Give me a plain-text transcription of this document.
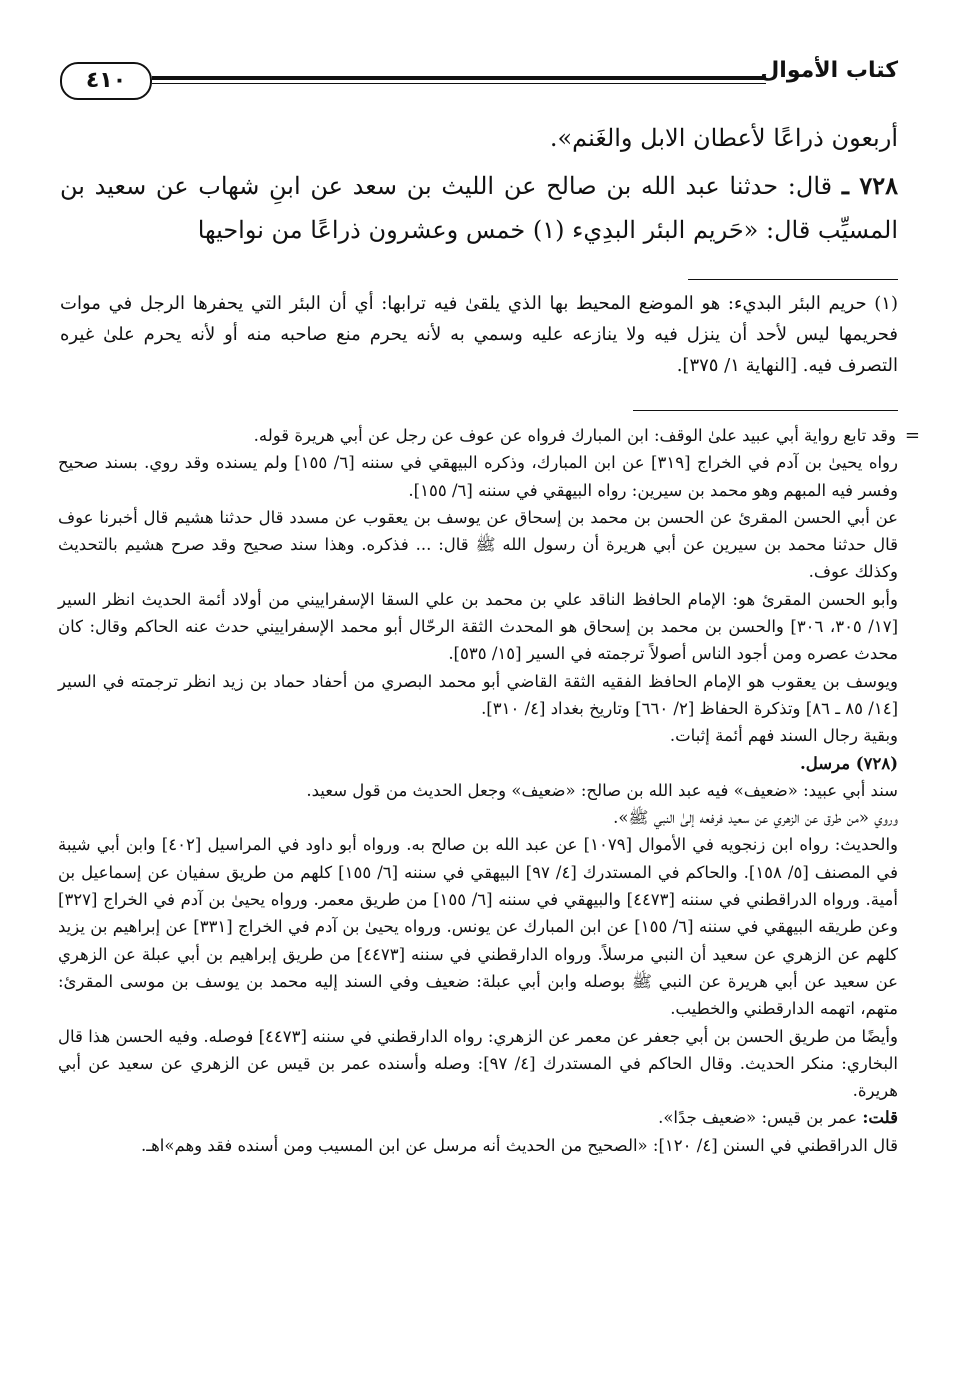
كتاب الأموال
٤١٠

أربعون ذراعًا لأعطان الابل والغَنم».

٧٢٨ ـ قال: حدثنا عبد الله بن صالح عن الليث بن سعد عن ابنِ شهاب عن سعيد بن المسيِّب قال: «حَريم البئر البدِيء (١) خمس وعشرون ذراعًا من نواحيها

(١) حريم البئر البديء: هو الموضع المحيط بها الذي يلقىٰ فيه ترابها: أي أن البئر التي يحفرها الرجل في موات فحريمها ليس لأحد أن ينزل فيه ولا ينازعه عليه وسمي به لأنه يحرم منع صاحبه منه أو لأنه يحرم علىٰ غيره التصرف فيه. [النهاية ١/ ٣٧٥].

=
وقد تابع رواية أبي عبيد علىٰ الوقف: ابن المبارك فرواه عن عوف عن رجل عن أبي هريرة قوله.

رواه يحيىٰ بن آدم في الخراج [٣١٩] عن ابن المبارك، وذكره البيهقي في سننه [٦/ ١٥٥] ولم يسنده وقد روي. بسند صحيح وفسر فيه المبهم وهو محمد بن سيرين: رواه البيهقي في سننه [٦/ ١٥٥].

عن أبي الحسن المقرئ عن الحسن بن محمد بن إسحاق عن يوسف بن يعقوب عن مسدد قال حدثنا هشيم قال أخبرنا عوف قال حدثنا محمد بن سيرين عن أبي هريرة أن رسول الله ﷺ قال: ... فذكره. وهذا سند صحيح وقد صرح هشيم بالتحديث وكذلك عوف.

وأبو الحسن المقرئ هو: الإمام الحافظ الناقد علي بن محمد بن علي السقا الإسفراييني من أولاد أئمة الحديث انظر السير [١٧/ ٣٠٥، ٣٠٦] والحسن بن محمد بن إسحاق هو المحدث الثقة الرحّال أبو محمد الإسفراييني حدث عنه الحاكم وقال: كان محدث عصره ومن أجود الناس أصولاً ترجمته في السير [١٥/ ٥٣٥].

ويوسف بن يعقوب هو الإمام الحافظ الفقيه الثقة القاضي أبو محمد البصري من أحفاد حماد بن زيد انظر ترجمته في السير [١٤/ ٨٥ ـ ٨٦] وتذكرة الحفاظ [٢/ ٦٦٠] وتاريخ بغداد [٤/ ٣١٠].

وبقية رجال السند فهم أئمة إثبات.

(٧٢٨) مرسل.

سند أبي عبيد: «ضعيف» فيه عبد الله بن صالح: «ضعيف» وجعل الحديث من قول سعيد.

وروي «من طرق عن الزهري عن سعيد فرفعه إلىٰ النبي ﷺ».

والحديث: رواه ابن زنجويه في الأموال [١٠٧٩] عن عبد الله بن صالح به. ورواه أبو داود في المراسيل [٤٠٢] وابن أبي شيبة في المصنف [٥/ ١٥٨]. والحاكم في المستدرك [٤/ ٩٧] البيهقي في سننه [٦/ ١٥٥] كلهم من طريق سفيان عن إسماعيل بن أمية. ورواه الدراقطني في سننه [٤٤٧٣] والبيهقي في سننه [٦/ ١٥٥] من طريق معمر. ورواه يحيىٰ بن آدم في الخراج [٣٢٧] وعن طريقه البيهقي في سننه [٦/ ١٥٥] عن ابن المبارك عن يونس. ورواه يحيىٰ بن آدم في الخراج [٣٣١] عن إبراهيم بن يزيد كلهم عن الزهري عن سعيد أن النبي مرسلاً. ورواه الدارقطني في سننه [٤٤٧٣] من طريق إبراهيم بن أبي عبلة عن الزهري عن سعيد عن أبي هريرة عن النبي ﷺ بوصله وابن أبي عبلة: ضعيف وفي السند إليه محمد بن يوسف بن موسى المقرئ: متهم، اتهمه الدارقطني والخطيب.

وأيضًا من طريق الحسن بن أبي جعفر عن معمر عن الزهري: رواه الدارقطني في سننه [٤٤٧٣] فوصله. وفيه الحسن هذا قال البخاري: منكر الحديث. وقال الحاكم في المستدرك [٤/ ٩٧]: وصله وأسنده عمر بن قيس عن الزهري عن سعيد عن أبي هريرة.

قلت: عمر بن قيس: «ضعيف جدًا».

قال الدراقطني في السنن [٤/ ١٢٠]: «الصحيح من الحديث أنه مرسل عن ابن المسيب ومن أسنده فقد وهم»اهـ.
